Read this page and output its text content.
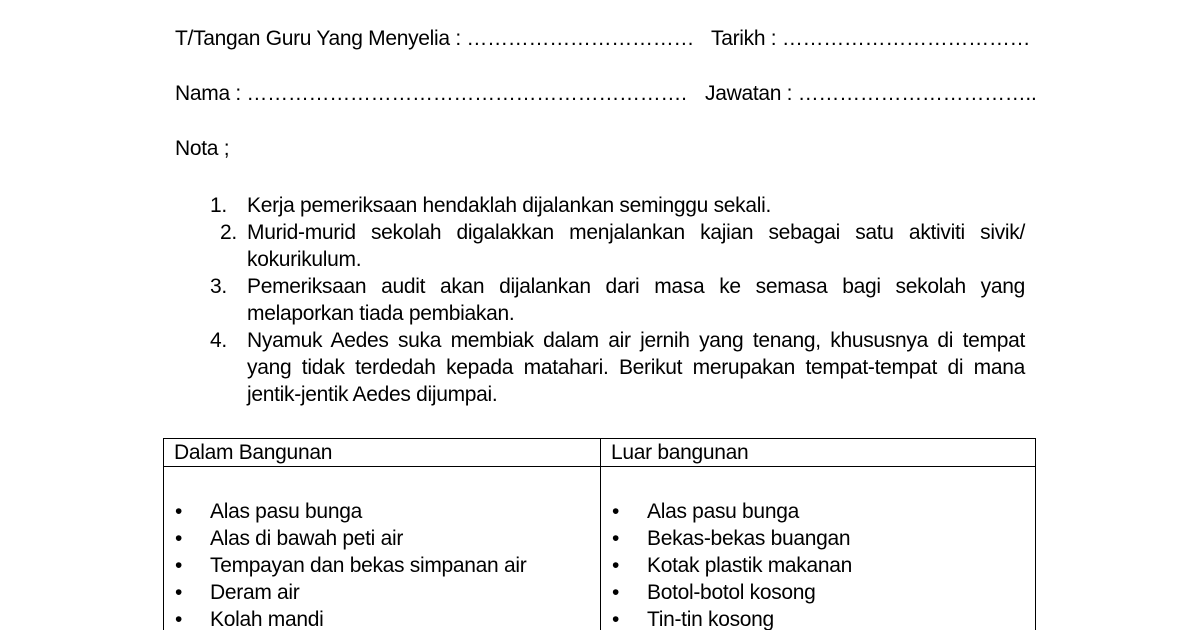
T/Tangan Guru Yang Menyelia : …………………………… Tarikh : ………………………………
Nama : ………………………………………………………. Jawatan : ……………………………..
Nota ;
1. Kerja pemeriksaan hendaklah dijalankan seminggu sekali.
2. Murid-murid sekolah digalakkan menjalankan kajian sebagai satu aktiviti sivik/ kokurikulum.
3. Pemeriksaan audit akan dijalankan dari masa ke semasa bagi sekolah yang melaporkan tiada pembiakan.
4. Nyamuk Aedes suka membiak dalam air jernih yang tenang, khususnya di tempat yang tidak terdedah kepada matahari. Berikut merupakan tempat-tempat di mana jentik-jentik Aedes dijumpai.
Dalam Bangunan
• Alas pasu bunga
• Alas di bawah peti air
• Tempayan dan bekas simpanan air
• Deram air
• Kolah mandi
Luar bangunan
• Alas pasu bunga
• Bekas-bekas buangan
• Kotak plastik makanan
• Botol-botol kosong
• Tin-tin kosong
